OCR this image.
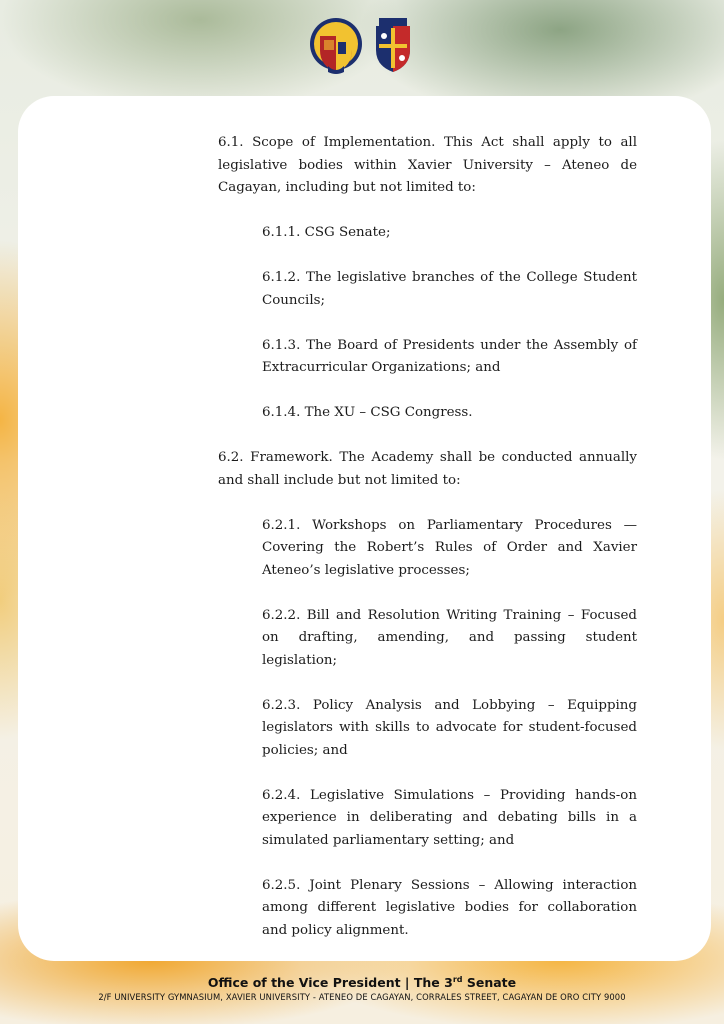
6.1. Scope of Implementation. This Act shall apply to all legislative bodies within Xavier University – Ateneo de Cagayan, including but not limited to:

6.1.1. CSG Senate;

6.1.2. The legislative branches of the College Student Councils;

6.1.3. The Board of Presidents under the Assembly of Extracurricular Organizations; and

6.1.4. The XU – CSG Congress.

6.2. Framework. The Academy shall be conducted annually and shall include but not limited to:

6.2.1. Workshops on Parliamentary Procedures — Covering the Robert’s Rules of Order and Xavier Ateneo’s legislative processes;

6.2.2. Bill and Resolution Writing Training – Focused on drafting, amending, and passing student legislation;

6.2.3. Policy Analysis and Lobbying – Equipping legislators with skills to advocate for student-focused policies; and

6.2.4. Legislative Simulations – Providing hands-on experience in deliberating and debating bills in a simulated parliamentary setting; and

6.2.5. Joint Plenary Sessions – Allowing interaction among different legislative bodies for collaboration and policy alignment.

Office of the Vice President | The 3rd Senate
2/F UNIVERSITY GYMNASIUM, XAVIER UNIVERSITY - ATENEO DE CAGAYAN, CORRALES STREET, CAGAYAN DE ORO CITY 9000
